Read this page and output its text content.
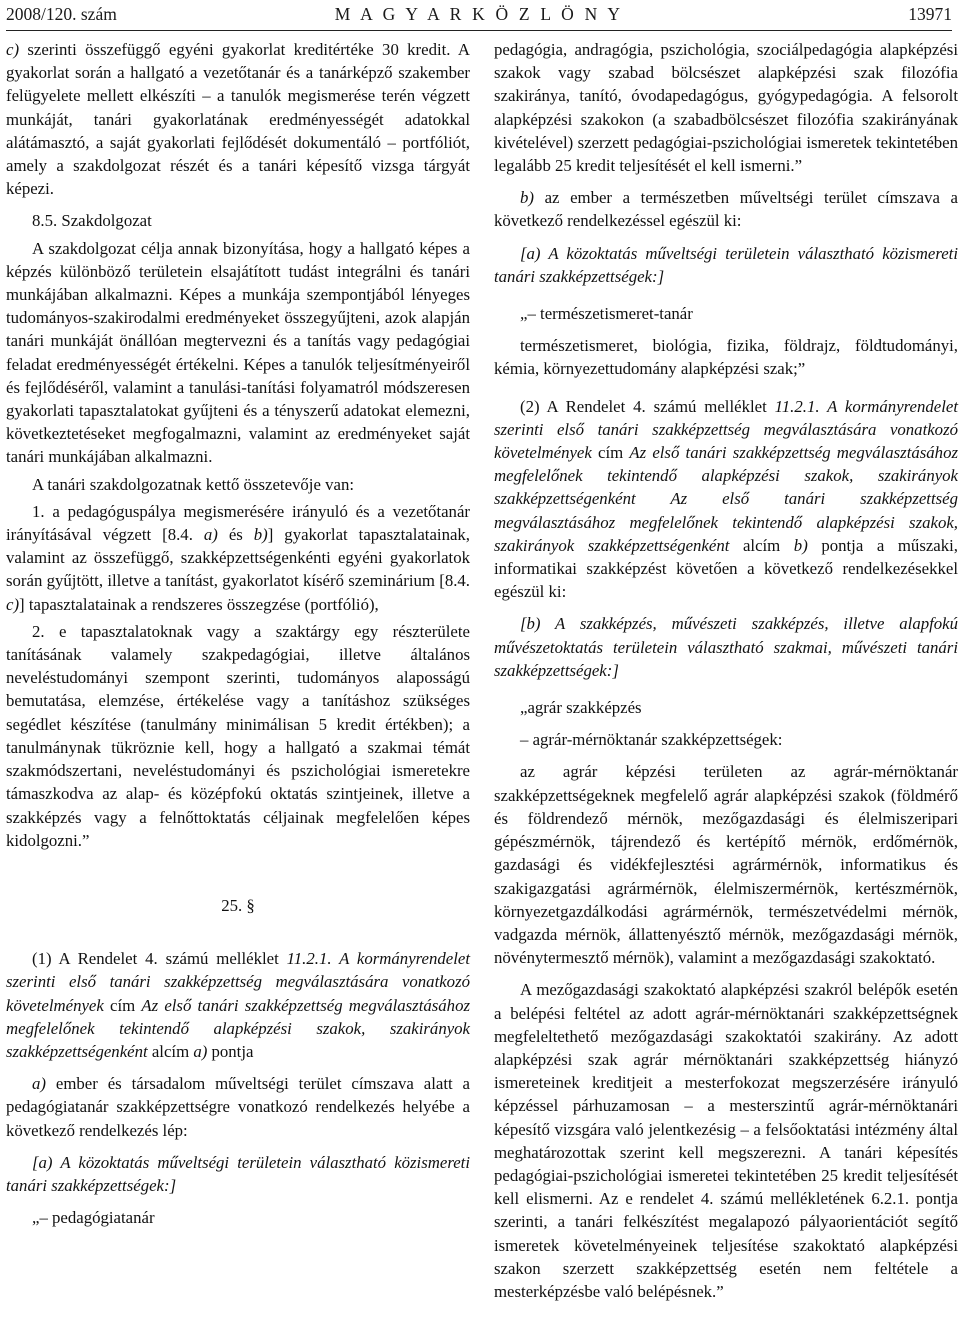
2008/120. szám	M A G Y A R K Ö Z L Ö N Y	13971

c) szerinti összefüggő egyéni gyakorlat kreditértéke 30 kredit. A gyakorlat során a hallgató a vezetőtanár és a tanárképző szakember felügyelete mellett elkészíti – a tanulók megismerése terén végzett munkáját, tanári gyakorlatának eredményességét adatokkal alátámasztó, a saját gyakorlati fejlődését dokumentáló – portfóliót, amely a szakdolgozat részét és a tanári képesítő vizsga tárgyát képezi.

8.5. Szakdolgozat

A szakdolgozat célja annak bizonyítása, hogy a hallgató képes a képzés különböző területein elsajátított tudást integrálni és tanári munkájában alkalmazni. Képes a munkája szempontjából lényeges tudományos-szakirodalmi eredményeket összegyűjteni, azok alapján tanári munkáját önállóan megtervezni és a tanítás vagy pedagógiai feladat eredményességét értékelni. Képes a tanulók teljesítményeiről és fejlődéséről, valamint a tanulási-tanítási folyamatról módszeresen gyakorlati tapasztalatokat gyűjteni és a tényszerű adatokat elemezni, következtetéseket megfogalmazni, valamint az eredményeket saját tanári munkájában alkalmazni.

A tanári szakdolgozatnak kettő összetevője van:

1. a pedagóguspálya megismerésére irányuló és a vezetőtanár irányításával végzett [8.4. a) és b)] gyakorlat tapasztalatainak, valamint az összefüggő, szakképzettségenkénti egyéni gyakorlatok során gyűjtött, illetve a tanítást, gyakorlatot kísérő szeminárium [8.4. c)] tapasztalatainak a rendszeres összegzése (portfólió),

2. e tapasztalatoknak vagy a szaktárgy egy részterülete tanításának valamely szakpedagógiai, illetve általános neveléstudományi szempont szerinti, tudományos alaposságú bemutatása, elemzése, értékelése vagy a tanításhoz szükséges segédlet készítése (tanulmány minimálisan 5 kredit értékben); a tanulmánynak tükröznie kell, hogy a hallgató a szakmai témát szakmódszertani, neveléstudományi és pszichológiai ismeretekre támaszkodva az alap- és középfokú oktatás szintjeinek, illetve a szakképzés vagy a felnőttoktatás céljainak megfelelően képes kidolgozni.”

25. §

(1) A Rendelet 4. számú melléklet 11.2.1. A kormányrendelet szerinti első tanári szakképzettség megválasztására vonatkozó követelmények cím Az első tanári szakképzettség megválasztásához megfelelőnek tekintendő alapképzési szakok, szakirányok szakképzettségenként alcím a) pontja

a) ember és társadalom műveltségi terület címszava alatt a pedagógiatanár szakképzettségre vonatkozó rendelkezés helyébe a következő rendelkezés lép:

[a) A közoktatás műveltségi területein választható közismereti tanári szakképzettségek:]

„– pedagógiatanár

pedagógia, andragógia, pszichológia, szociálpedagógia alapképzési szakok vagy szabad bölcsészet alapképzési szak filozófia szakiránya, tanító, óvodapedagógus, gyógypedagógia. A felsorolt alapképzési szakokon (a szabadbölcsészet filozófia szakirányának kivételével) szerzett pedagógiai-pszichológiai ismeretek tekintetében legalább 25 kredit teljesítését el kell ismerni.”

b) az ember a természetben műveltségi terület címszava a következő rendelkezéssel egészül ki:

[a) A közoktatás műveltségi területein választható közismereti tanári szakképzettségek:]

„– természetismeret-tanár

természetismeret, biológia, fizika, földrajz, földtudományi, kémia, környezettudomány alapképzési szak;”

(2) A Rendelet 4. számú melléklet 11.2.1. A kormányrendelet szerinti első tanári szakképzettség megválasztására vonatkozó követelmények cím Az első tanári szakképzettség megválasztásához megfelelőnek tekintendő alapképzési szakok, szakirányok szakképzettségenként Az első tanári szakképzettség megválasztásához megfelelőnek tekintendő alapképzési szakok, szakirányok szakképzettségenként alcím b) pontja a műszaki, informatikai szakképzést követően a következő rendelkezésekkel egészül ki:

[b) A szakképzés, művészeti szakképzés, illetve alapfokú művészetoktatás területein választható szakmai, művészeti tanári szakképzettségek:]

„agrár szakképzés

– agrár-mérnöktanár szakképzettségek:

az agrár képzési területen az agrár-mérnöktanár szakképzettségeknek megfelelő agrár alapképzési szakok (földmérő és földrendező mérnök, mezőgazdasági és élelmiszeripari gépészmérnök, tájrendező és kertépítő mérnök, erdőmérnök, gazdasági és vidékfejlesztési agrármérnök, informatikus és szakigazgatási agrármérnök, élelmiszermérnök, kertészmérnök, környezetgazdálkodási agrármérnök, természetvédelmi mérnök, vadgazda mérnök, állattenyésztő mérnök, mezőgazdasági mérnök, növénytermesztő mérnök), valamint a mezőgazdasági szakoktató.

A mezőgazdasági szakoktató alapképzési szakról belépők esetén a belépési feltétel az adott agrár-mérnöktanári szakképzettségnek megfeleltethető mezőgazdasági szakoktatói szakirány. Az adott alapképzési szak agrár mérnöktanári szakképzettség hiányzó ismereteinek kreditjeit a mesterfokozat megszerzésére irányuló képzéssel párhuzamosan – a mesterszintű agrár-mérnöktanári képesítő vizsgára való jelentkezésig – a felsőoktatási intézmény által meghatározottak szerint kell megszerezni. A tanári képesítés pedagógiai-pszichológiai ismeretei tekintetében 25 kredit teljesítését kell elismerni. Az e rendelet 4. számú mellékletének 6.2.1. pontja szerinti, a tanári felkészítést megalapozó pályaorientációt segítő ismeretek követelményeinek teljesítése szakoktató alapképzési szakon szerzett szakképzettség esetén nem feltétele a mesterképzésbe való belépésnek.”
